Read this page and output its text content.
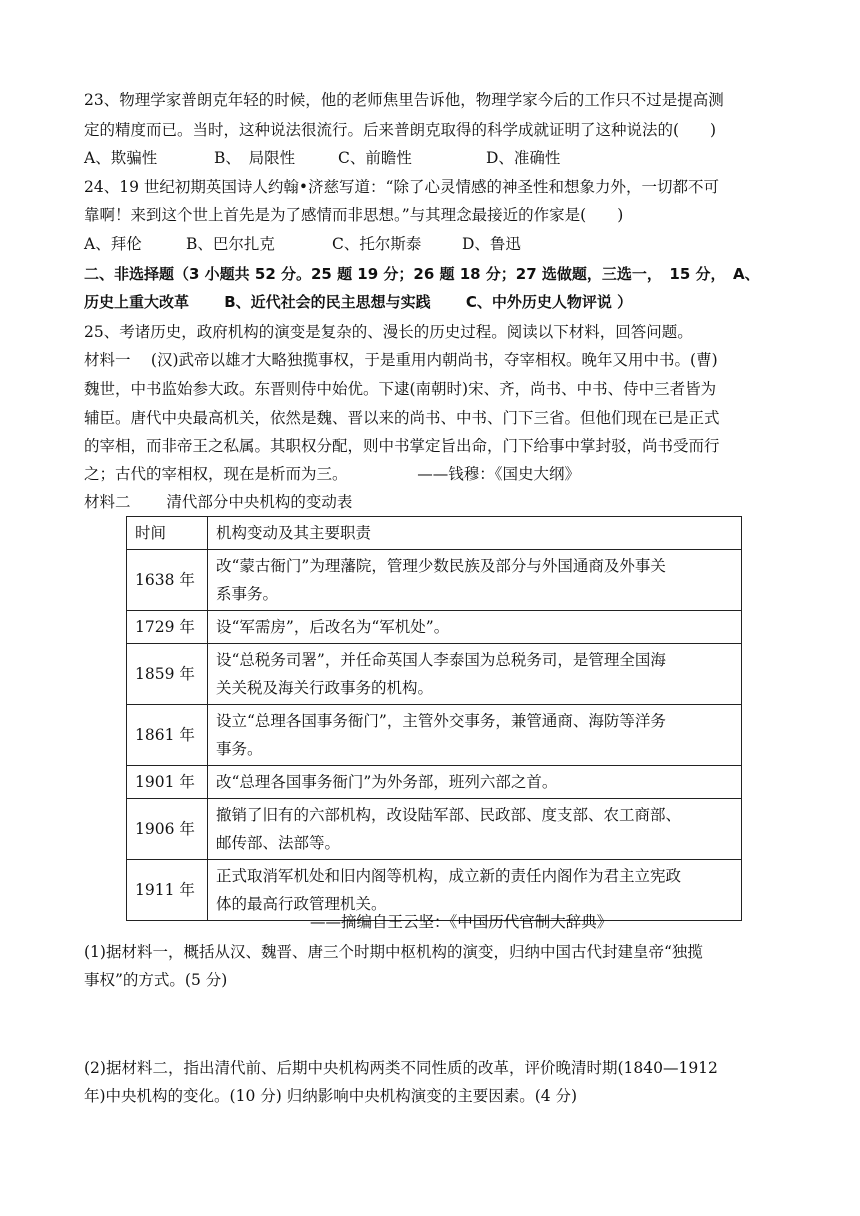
23、物理学家普朗克年轻的时候，他的老师焦里告诉他，物理学家今后的工作只不过是提高测
定的精度而已。当时，这种说法很流行。后来普朗克取得的科学成就证明了这种说法的(　　)
A、欺骗性	B、　局限性	C、前瞻性	D、准确性
24、19 世纪初期英国诗人约翰•济慈写道：“除了心灵情感的神圣性和想象力外，一切都不可
靠啊！来到这个世上首先是为了感情而非思想。”与其理念最接近的作家是(　　)
A、拜伦	B、巴尔扎克	C、托尔斯泰	D、鲁迅
二、非选择题（3 小题共 52 分。25 题 19 分；26 题 18 分；27 选做题，三选一，　15 分，　A、
历史上重大改革　　 B、近代社会的民主思想与实践　　 C、中外历史人物评说 ）
25、考诸历史，政府机构的演变是复杂的、漫长的历史过程。阅读以下材料，回答问题。
材料一　 (汉)武帝以雄才大略独揽事权，于是重用内朝尚书，夺宰相权。晚年又用中书。(曹)
魏世，中书监始参大政。东晋则侍中始优。下逮(南朝时)宋、齐，尚书、中书、侍中三者皆为
辅臣。唐代中央最高机关，依然是魏、晋以来的尚书、中书、门下三省。但他们现在已是正式
的宰相，而非帝王之私属。其职权分配，则中书掌定旨出命，门下给事中掌封驳，尚书受而行
之；古代的宰相权，现在是析而为三。　　　　　——钱穆：《国史大纲》
材料二　　 清代部分中央机构的变动表
时间	机构变动及其主要职责
1638 年	改“蒙古衙门”为理藩院，管理少数民族及部分与外国通商及外事关
系事务。

1729 年	设“军需房”，后改名为“军机处”。

1859 年	设“总税务司署”，并任命英国人李泰国为总税务司，是管理全国海
关关税及海关行政事务的机构。

1861 年	设立“总理各国事务衙门”，主管外交事务，兼管通商、海防等洋务
事务。

1901 年	改“总理各国事务衙门”为外务部，班列六部之首。

1906 年	撤销了旧有的六部机构，改设陆军部、民政部、度支部、农工商部、
邮传部、法部等。

1911 年	正式取消军机处和旧内阁等机构，成立新的责任内阁作为君主立宪政
体的最高行政管理机关。
——摘编自王云坚：《中国历代官制大辞典》
(1)据材料一，概括从汉、魏晋、唐三个时期中枢机构的演变，归纳中国古代封建皇帝“独揽
事权”的方式。(5 分)
(2)据材料二，指出清代前、后期中央机构两类不同性质的改革，评价晚清时期(1840—1912
年)中央机构的变化。(10 分) 归纳影响中央机构演变的主要因素。(4 分)
